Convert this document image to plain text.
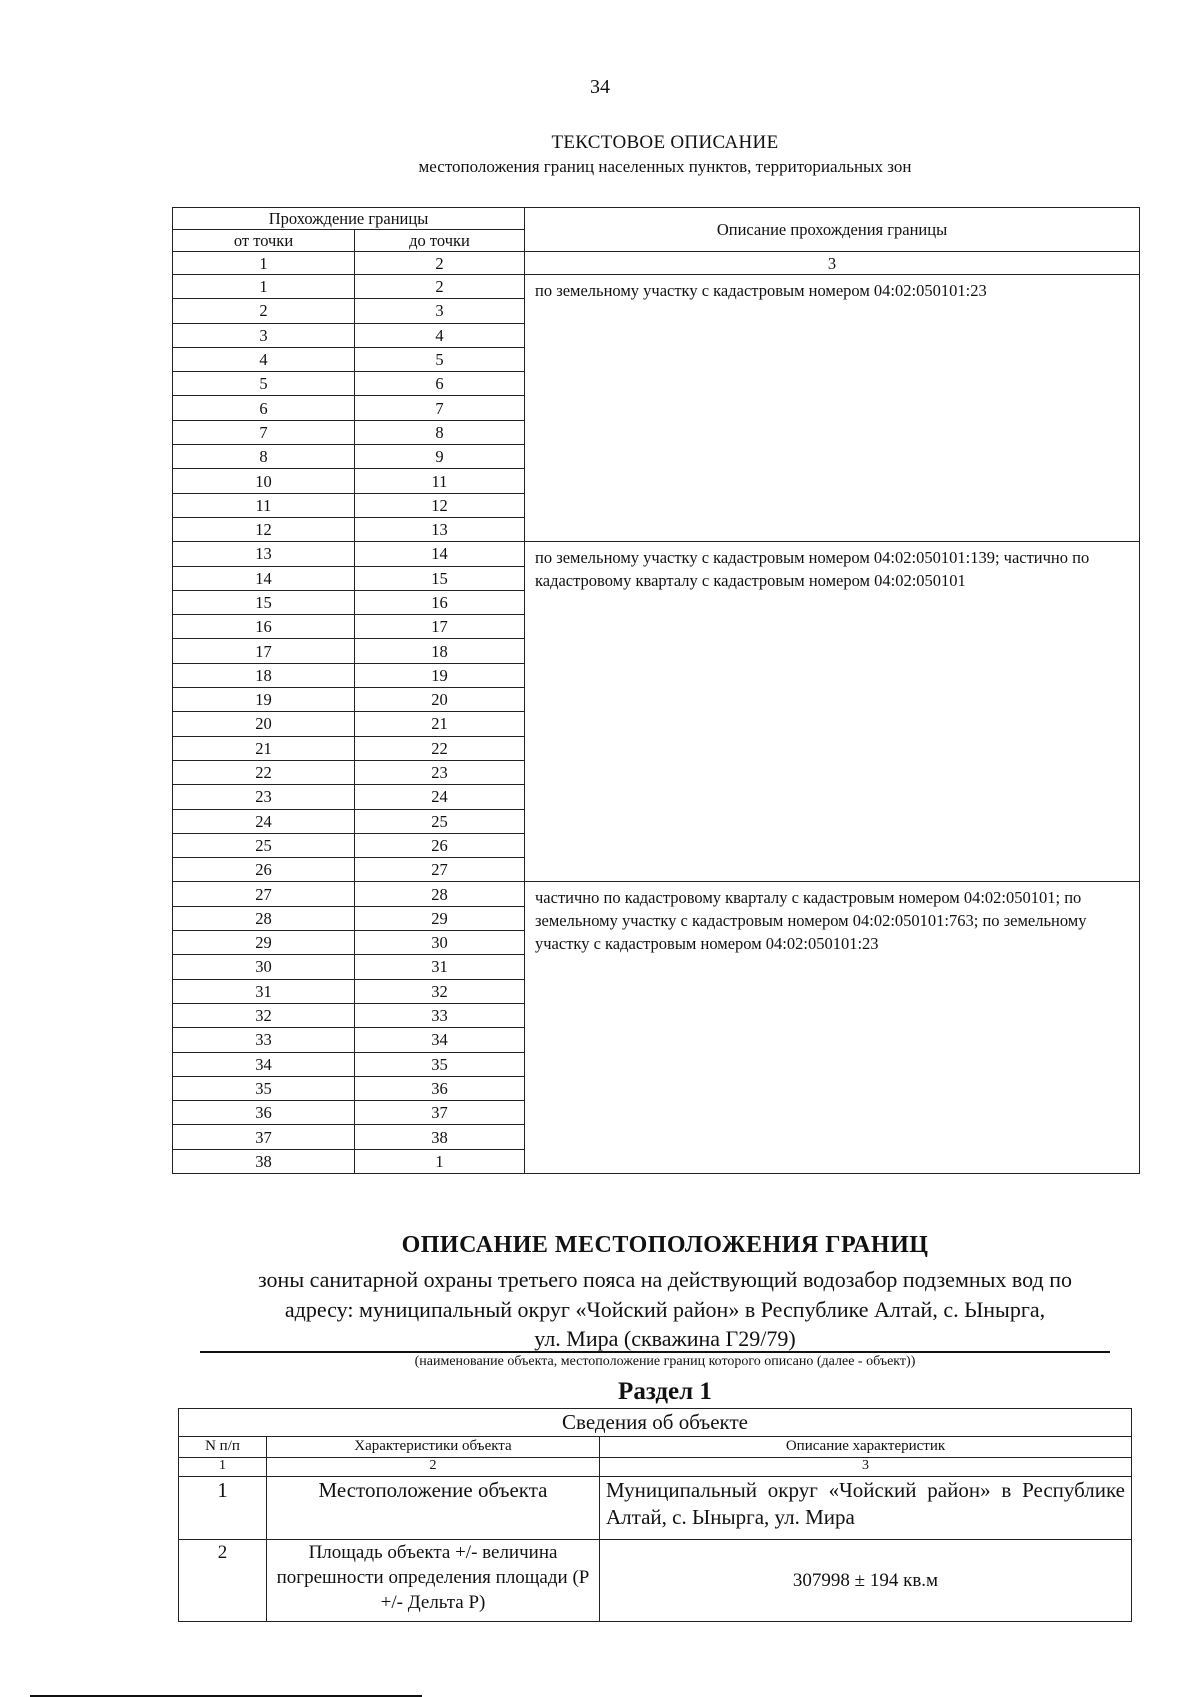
34
ТЕКСТОВОЕ ОПИСАНИЕ
местоположения границ населенных пунктов, территориальных зон
Прохождение границы		Описание прохождения границы
от точки	до точки	
1	2	3
1	2	по земельному участку с кадастровым номером 04:02:050101:23
2	3	
3	4	
4	5	
5	6	
6	7	
7	8	
8	9	
10	11	
11	12	
12	13	
13	14	по земельному участку с кадастровым номером 04:02:050101:139; частично по кадастровому кварталу с кадастровым номером 04:02:050101
14	15	
15	16	
16	17	
17	18	
18	19	
19	20	
20	21	
21	22	
22	23	
23	24	
24	25	
25	26	
26	27	
27	28	частично по кадастровому кварталу с кадастровым номером 04:02:050101; по земельному участку с кадастровым номером 04:02:050101:763; по земельному участку с кадастровым номером 04:02:050101:23
28	29	
29	30	
30	31	
31	32	
32	33	
33	34	
34	35	
35	36	
36	37	
37	38	
38	1	
ОПИСАНИЕ МЕСТОПОЛОЖЕНИЯ ГРАНИЦ
зоны санитарной охраны третьего пояса на действующий водозабор подземных вод по
адресу: муниципальный округ «Чойский район» в Республике Алтай, с. Ынырга,
ул. Мира (скважина Г29/79)
(наименование объекта, местоположение границ которого описано (далее - объект))
Раздел 1
Сведения об объекте		
N п/п	Характеристики объекта	Описание характеристик
1	2	3
1	Местоположение объекта	Муниципальный округ «Чойский район» в Республике Алтай, с. Ынырга, ул. Мира
2	Площадь объекта +/- величина погрешности определения площади (Р +/- Дельта Р)	307998 ± 194 кв.м
